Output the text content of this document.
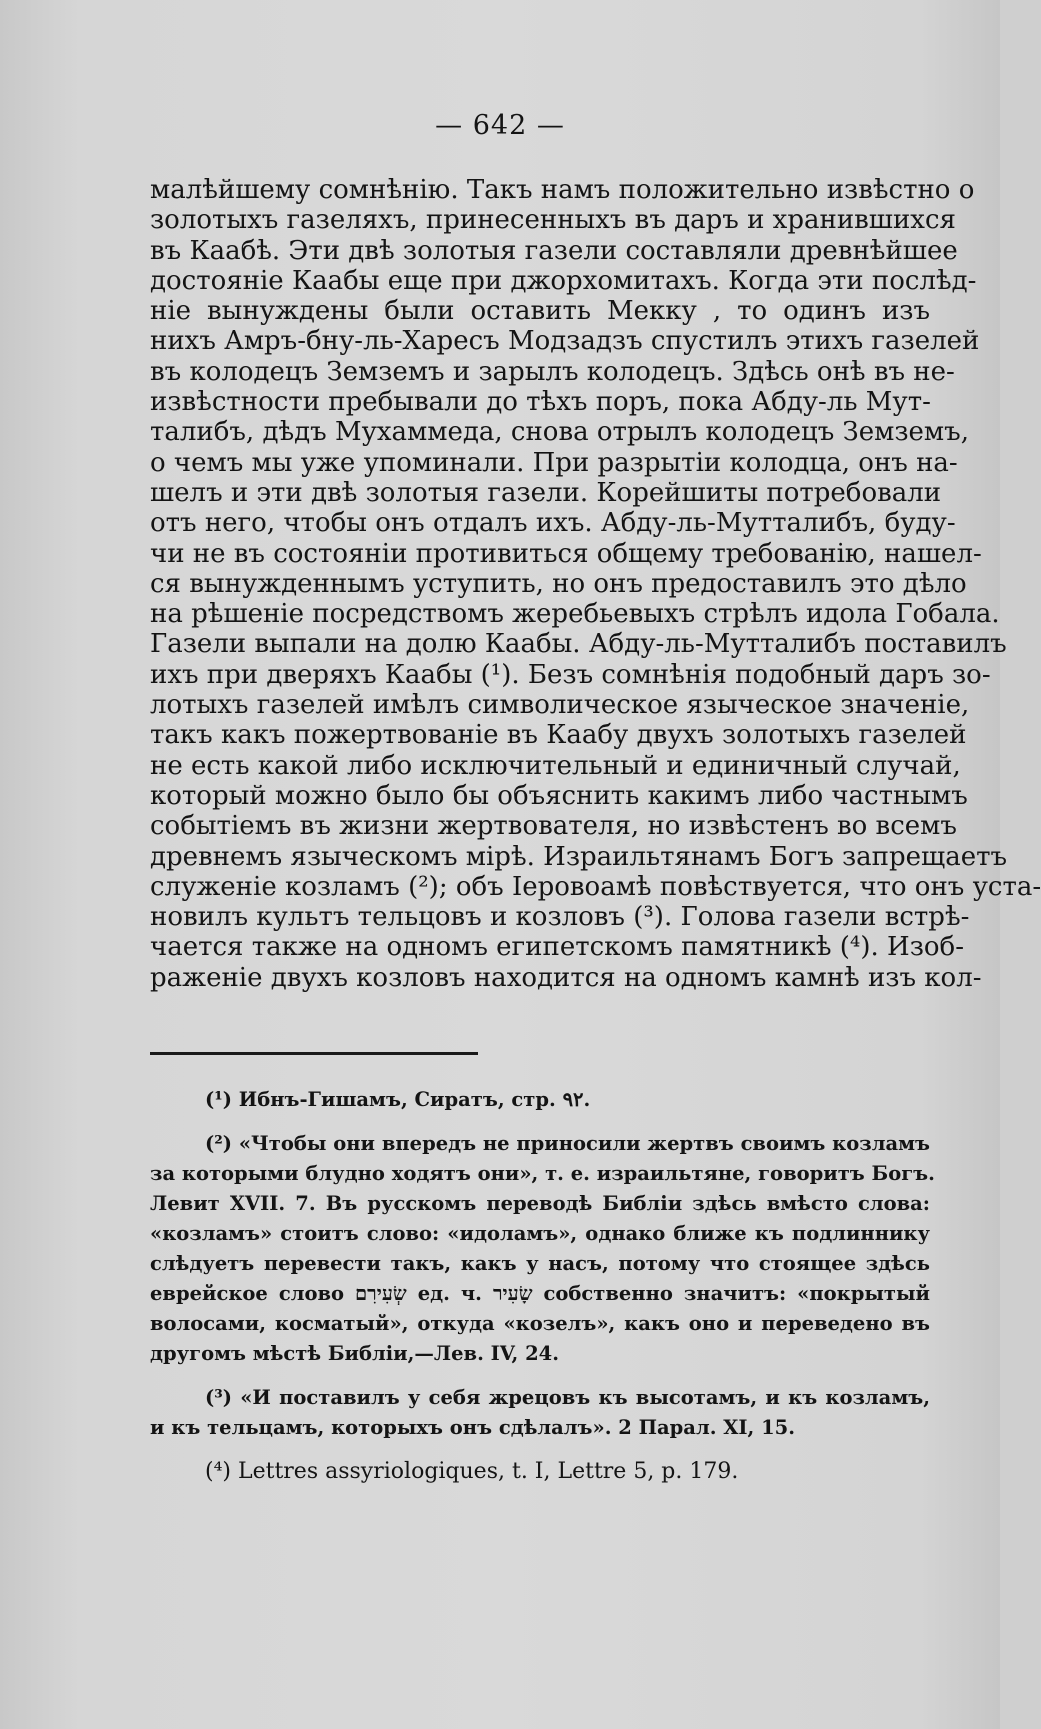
— 642 —
малѣйшему сомнѣнію. Такъ намъ положительно извѣстно о
золотыхъ газеляхъ, принесенныхъ въ даръ и хранившихся
въ Каабѣ. Эти двѣ золотыя газели составляли древнѣйшее
достояніе Каабы еще при джорхомитахъ. Когда эти послѣд-
ніе вынуждены были оставить Мекку , то одинъ изъ
нихъ Амръ-бну-ль-Харесъ Модзадзъ спустилъ этихъ газелей
въ колодецъ Земземъ и зарылъ колодецъ. Здѣсь онѣ въ не-
извѣстности пребывали до тѣхъ поръ, пока Абду-ль Мут-
талибъ, дѣдъ Мухаммеда, снова отрылъ колодецъ Земземъ,
о чемъ мы уже упоминали. При разрытіи колодца, онъ на-
шелъ и эти двѣ золотыя газели. Корейшиты потребовали
отъ него, чтобы онъ отдалъ ихъ. Абду-ль-Мутталибъ, буду-
чи не въ состояніи противиться общему требованію, нашел-
ся вынужденнымъ уступить, но онъ предоставилъ это дѣло
на рѣшеніе посредствомъ жеребьевыхъ стрѣлъ идола Гобала.
Газели выпали на долю Каабы. Абду-ль-Мутталибъ поставилъ
ихъ при дверяхъ Каабы (¹). Безъ сомнѣнія подобный даръ зо-
лотыхъ газелей имѣлъ символическое языческое значеніе,
такъ какъ пожертвованіе въ Каабу двухъ золотыхъ газелей
не есть какой либо исключительный и единичный случай,
который можно было бы объяснить какимъ либо частнымъ
событіемъ въ жизни жертвователя, но извѣстенъ во всемъ
древнемъ языческомъ мірѣ. Израильтянамъ Богъ запрещаетъ
служеніе козламъ (²); объ Іеровоамѣ повѣствуется, что онъ уста-
новилъ культъ тельцовъ и козловъ (³). Голова газели встрѣ-
чается также на одномъ египетскомъ памятникѣ (⁴). Изоб-
раженіе двухъ козловъ находится на одномъ камнѣ изъ кол-
(¹) Ибнъ-Гишамъ, Сиратъ, стр. ۹۲.
(²) «Чтобы они впередъ не приносили жертвъ своимъ козламъ
за которыми блудно ходятъ они», т. е. израильтяне, говоритъ Богъ.
Левит XVII. 7. Въ русскомъ переводѣ Библіи здѣсь вмѣсто слова:
«козламъ» стоитъ слово: «идоламъ», однако ближе къ подлиннику
слѣдуетъ перевести такъ, какъ у насъ, потому что стоящее здѣсь
еврейское слово שְׂעִירִם ед. ч. שָׂעִיר собственно значитъ: «покрытый
волосами, косматый», откуда «козелъ», какъ оно и переведено въ
другомъ мѣстѣ Библіи,—Лев. IV, 24.
(³) «И поставилъ у себя жрецовъ къ высотамъ, и къ козламъ,
и къ тельцамъ, которыхъ онъ сдѣлалъ». 2 Парал. XI, 15.
(⁴) Lettres assyriologiques, t. I, Lettre 5, p. 179.
